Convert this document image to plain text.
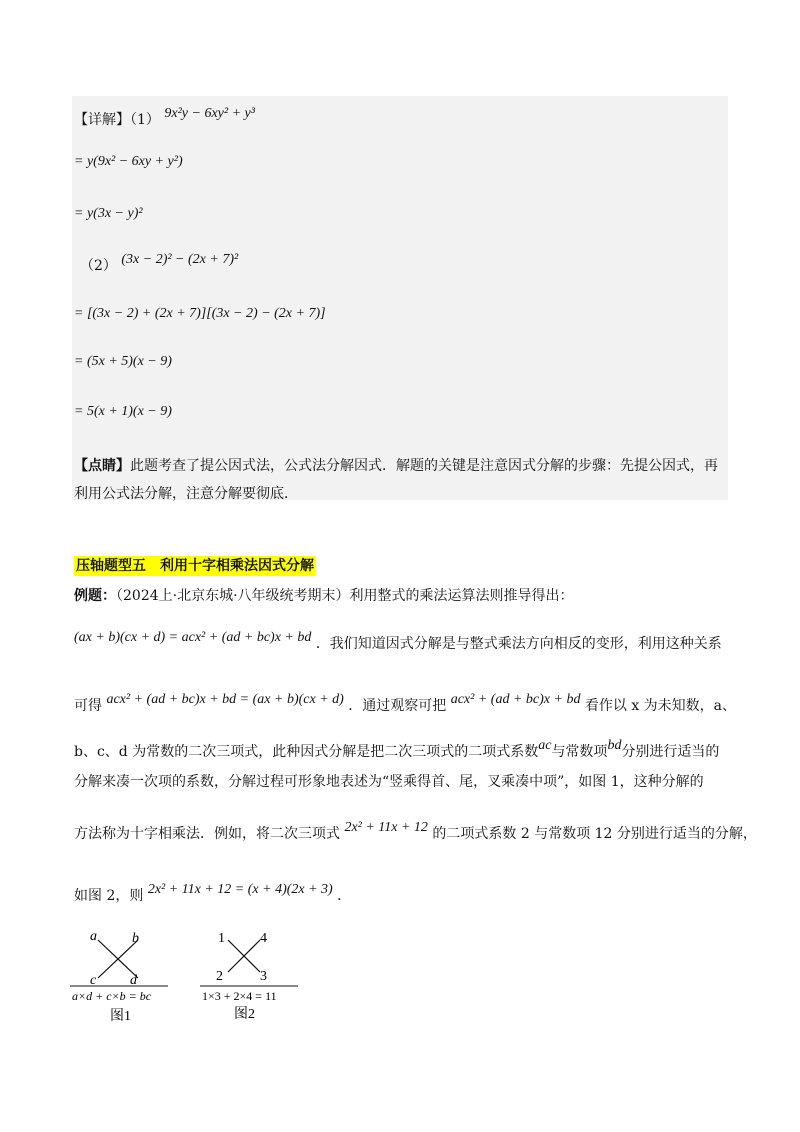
【详解】（1） 9x²y − 6xy² + y³
= y(9x² − 6xy + y²)
= y(3x − y)²
（2） (3x − 2)² − (2x + 7)²
= [(3x − 2) + (2x + 7)][(3x − 2) − (2x + 7)]
= (5x + 5)(x − 9)
= 5(x + 1)(x − 9)
【点睛】此题考查了提公因式法，公式法分解因式．解题的关键是注意因式分解的步骤：先提公因式，再
利用公式法分解，注意分解要彻底．
压轴题型五　利用十字相乘法因式分解
例题：（2024上·北京东城·八年级统考期末）利用整式的乘法运算法则推导得出：
(ax + b)(cx + d) = acx² + (ad + bc)x + bd ．我们知道因式分解是与整式乘法方向相反的变形，利用这种关系
可得 acx² + (ad + bc)x + bd = (ax + b)(cx + d) ．通过观察可把 acx² + (ad + bc)x + bd 看作以 x 为未知数，a、
b、c、d 为常数的二次三项式，此种因式分解是把二次三项式的二项式系数ac与常数项bd分别进行适当的
分解来凑一次项的系数，分解过程可形象地表述为“竖乘得首、尾，叉乘凑中项”，如图 1，这种分解的
方法称为十字相乘法．例如，将二次三项式 2x² + 11x + 12 的二项式系数 2 与常数项 12 分别进行适当的分解，
如图 2，则 2x² + 11x + 12 = (x + 4)(2x + 3) ．
a	b
c d
a×d + c×b = bc
图1
1	4
2	3
1×3 + 2×4 = 11
图2
